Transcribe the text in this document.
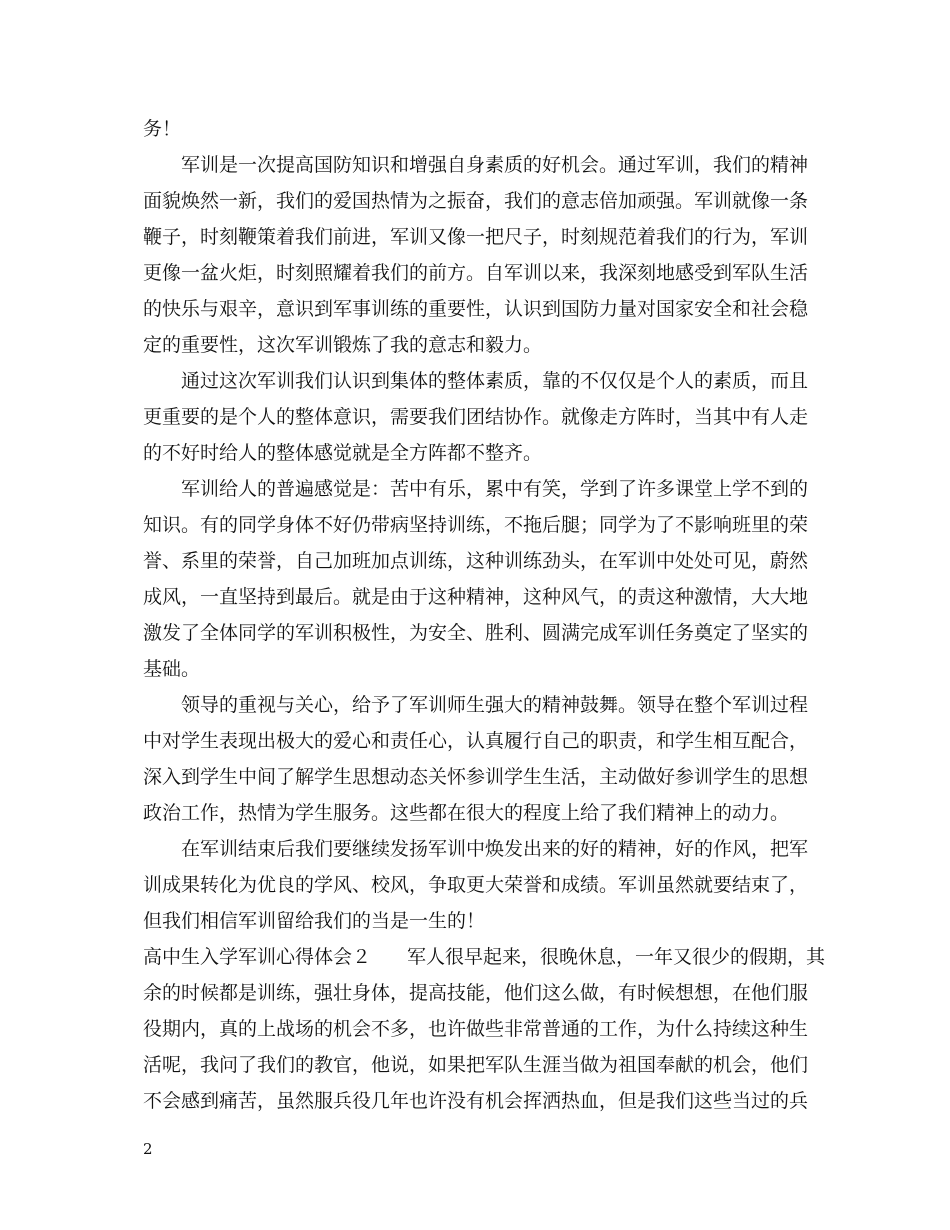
务！
　　军训是一次提高国防知识和增强自身素质的好机会。通过军训，我们的精神
面貌焕然一新，我们的爱国热情为之振奋，我们的意志倍加顽强。军训就像一条
鞭子，时刻鞭策着我们前进，军训又像一把尺子，时刻规范着我们的行为，军训
更像一盆火炬，时刻照耀着我们的前方。自军训以来，我深刻地感受到军队生活
的快乐与艰辛，意识到军事训练的重要性，认识到国防力量对国家安全和社会稳
定的重要性，这次军训锻炼了我的意志和毅力。
　　通过这次军训我们认识到集体的整体素质，靠的不仅仅是个人的素质，而且
更重要的是个人的整体意识，需要我们团结协作。就像走方阵时，当其中有人走
的不好时给人的整体感觉就是全方阵都不整齐。
　　军训给人的普遍感觉是：苦中有乐，累中有笑，学到了许多课堂上学不到的
知识。有的同学身体不好仍带病坚持训练，不拖后腿；同学为了不影响班里的荣
誉、系里的荣誉，自己加班加点训练，这种训练劲头，在军训中处处可见，蔚然
成风，一直坚持到最后。就是由于这种精神，这种风气，的责这种激情，大大地
激发了全体同学的军训积极性，为安全、胜利、圆满完成军训任务奠定了坚实的
基础。
　　领导的重视与关心，给予了军训师生强大的精神鼓舞。领导在整个军训过程
中对学生表现出极大的爱心和责任心，认真履行自己的职责，和学生相互配合，
深入到学生中间了解学生思想动态关怀参训学生生活，主动做好参训学生的思想
政治工作，热情为学生服务。这些都在很大的程度上给了我们精神上的动力。
　　在军训结束后我们要继续发扬军训中焕发出来的好的精神，好的作风，把军
训成果转化为优良的学风、校风，争取更大荣誉和成绩。军训虽然就要结束了，
但我们相信军训留给我们的当是一生的！
高中生入学军训心得体会２ 军人很早起来，很晚休息，一年又很少的假期，其
余的时候都是训练，强壮身体，提高技能，他们这么做，有时候想想，在他们服
役期内，真的上战场的机会不多，也许做些非常普通的工作，为什么持续这种生
活呢，我问了我们的教官，他说，如果把军队生涯当做为祖国奉献的机会，他们
不会感到痛苦，虽然服兵役几年也许没有机会挥洒热血，但是我们这些当过的兵
2
